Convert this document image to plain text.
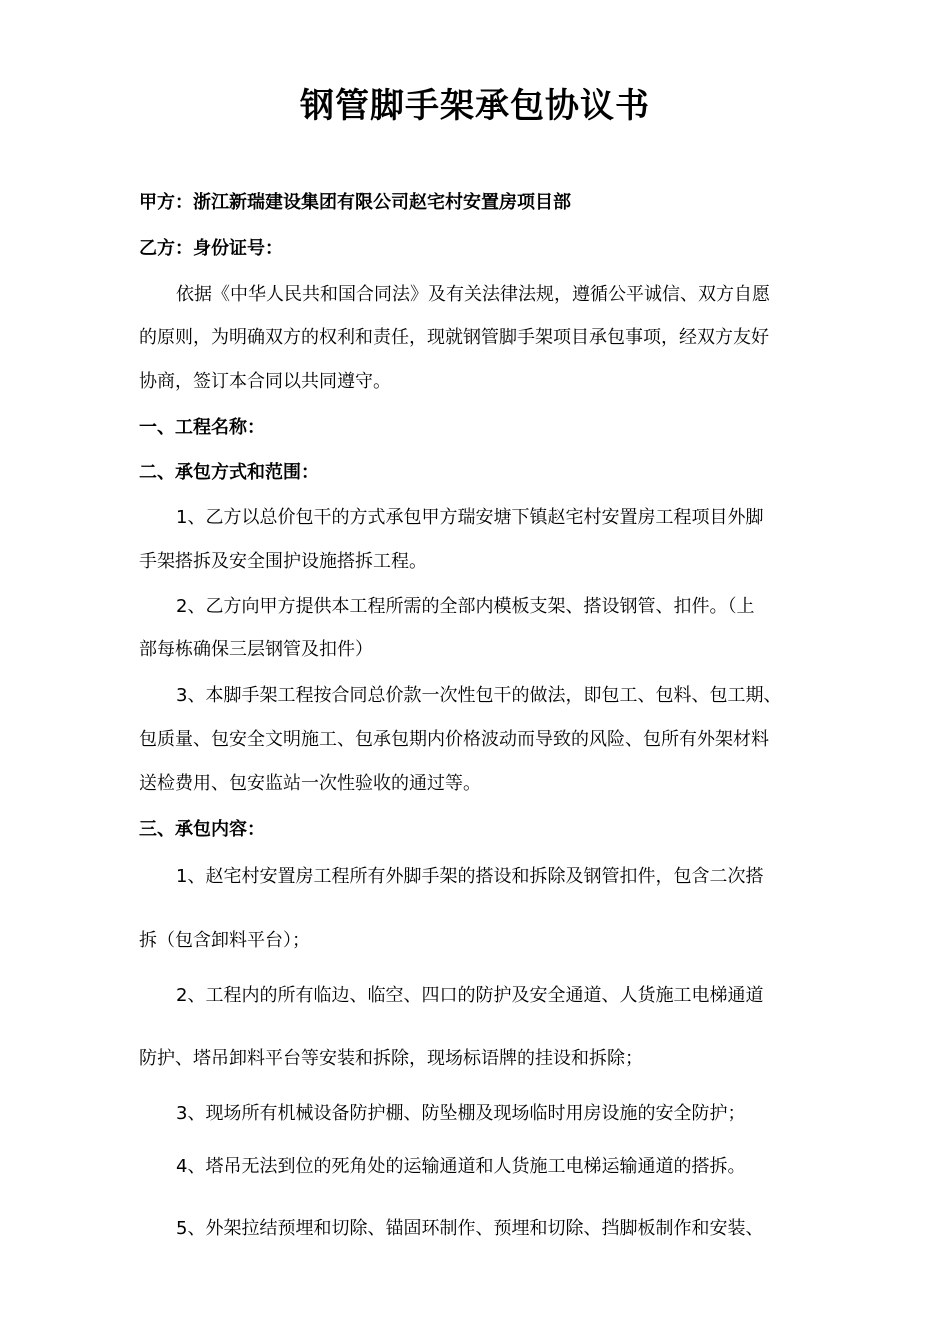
钢管脚手架承包协议书
甲方：浙江新瑞建设集团有限公司赵宅村安置房项目部
乙方：身份证号：
依据《中华人民共和国合同法》及有关法律法规，遵循公平诚信、双方自愿
的原则，为明确双方的权利和责任，现就钢管脚手架项目承包事项，经双方友好
协商，签订本合同以共同遵守。
一、工程名称：
二、承包方式和范围：
1、乙方以总价包干的方式承包甲方瑞安塘下镇赵宅村安置房工程项目外脚
手架搭拆及安全围护设施搭拆工程。
2、乙方向甲方提供本工程所需的全部内模板支架、搭设钢管、扣件。（上
部每栋确保三层钢管及扣件）
3、本脚手架工程按合同总价款一次性包干的做法，即包工、包料、包工期、
包质量、包安全文明施工、包承包期内价格波动而导致的风险、包所有外架材料
送检费用、包安监站一次性验收的通过等。
三、承包内容：
1、赵宅村安置房工程所有外脚手架的搭设和拆除及钢管扣件，包含二次搭
拆（包含卸料平台）；
2、工程内的所有临边、临空、四口的防护及安全通道、人货施工电梯通道
防护、塔吊卸料平台等安装和拆除，现场标语牌的挂设和拆除；
3、现场所有机械设备防护棚、防坠棚及现场临时用房设施的安全防护；
4、塔吊无法到位的死角处的运输通道和人货施工电梯运输通道的搭拆。
5、外架拉结预埋和切除、锚固环制作、预埋和切除、挡脚板制作和安装、
